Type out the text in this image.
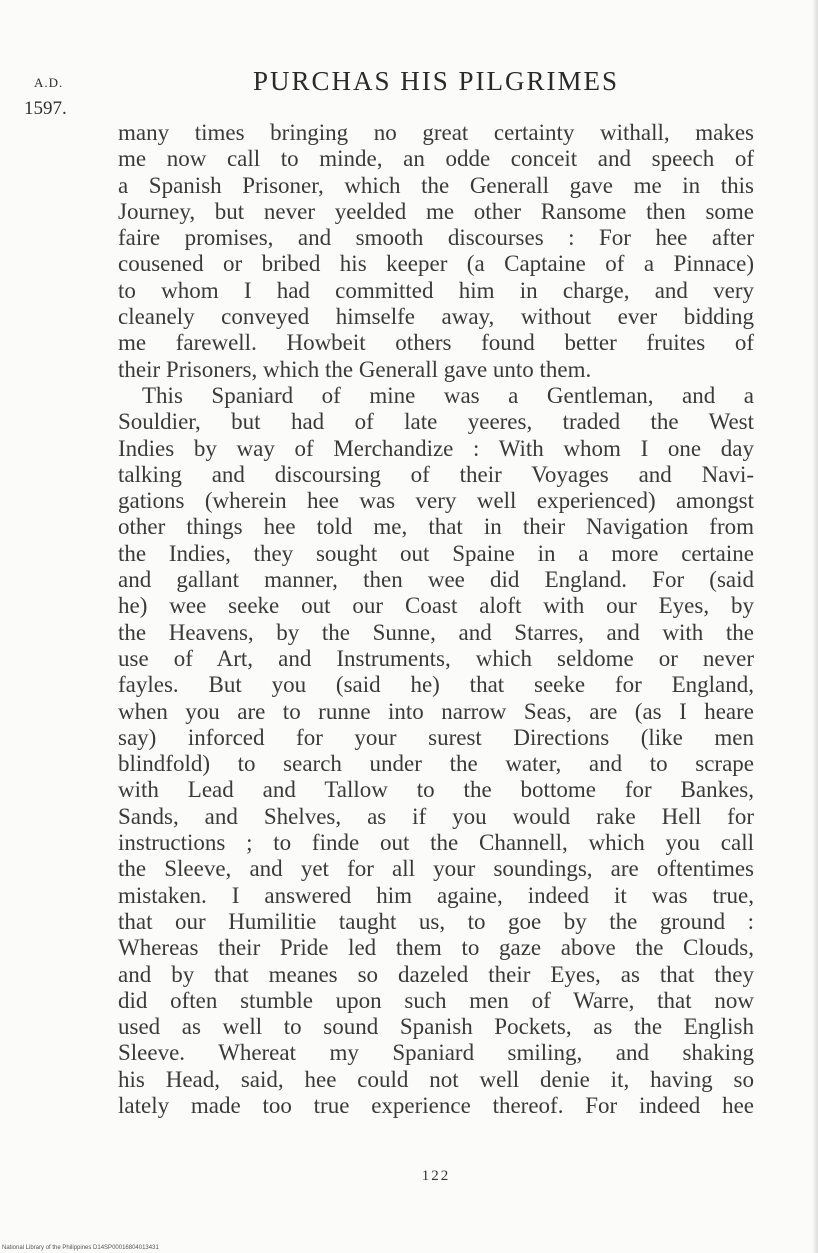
A.D.
1597.
PURCHAS HIS PILGRIMES
many times bringing no great certainty withall, makes
me now call to minde, an odde conceit and speech of
a Spanish Prisoner, which the Generall gave me in this
Journey, but never yeelded me other Ransome then some
faire promises, and smooth discourses : For hee after
cousened or bribed his keeper (a Captaine of a Pinnace)
to whom I had committed him in charge, and very
cleanely conveyed himselfe away, without ever bidding
me farewell. Howbeit others found better fruites of
their Prisoners, which the Generall gave unto them.
This Spaniard of mine was a Gentleman, and a
Souldier, but had of late yeeres, traded the West
Indies by way of Merchandize : With whom I one day
talking and discoursing of their Voyages and Navi-
gations (wherein hee was very well experienced) amongst
other things hee told me, that in their Navigation from
the Indies, they sought out Spaine in a more certaine
and gallant manner, then wee did England. For (said
he) wee seeke out our Coast aloft with our Eyes, by
the Heavens, by the Sunne, and Starres, and with the
use of Art, and Instruments, which seldome or never
fayles. But you (said he) that seeke for England,
when you are to runne into narrow Seas, are (as I heare
say) inforced for your surest Directions (like men
blindfold) to search under the water, and to scrape
with Lead and Tallow to the bottome for Bankes,
Sands, and Shelves, as if you would rake Hell for
instructions ; to finde out the Channell, which you call
the Sleeve, and yet for all your soundings, are oftentimes
mistaken. I answered him againe, indeed it was true,
that our Humilitie taught us, to goe by the ground :
Whereas their Pride led them to gaze above the Clouds,
and by that meanes so dazeled their Eyes, as that they
did often stumble upon such men of Warre, that now
used as well to sound Spanish Pockets, as the English
Sleeve. Whereat my Spaniard smiling, and shaking
his Head, said, hee could not well denie it, having so
lately made too true experience thereof. For indeed hee
122
National Library of the Philippines D14SP00016804013431
